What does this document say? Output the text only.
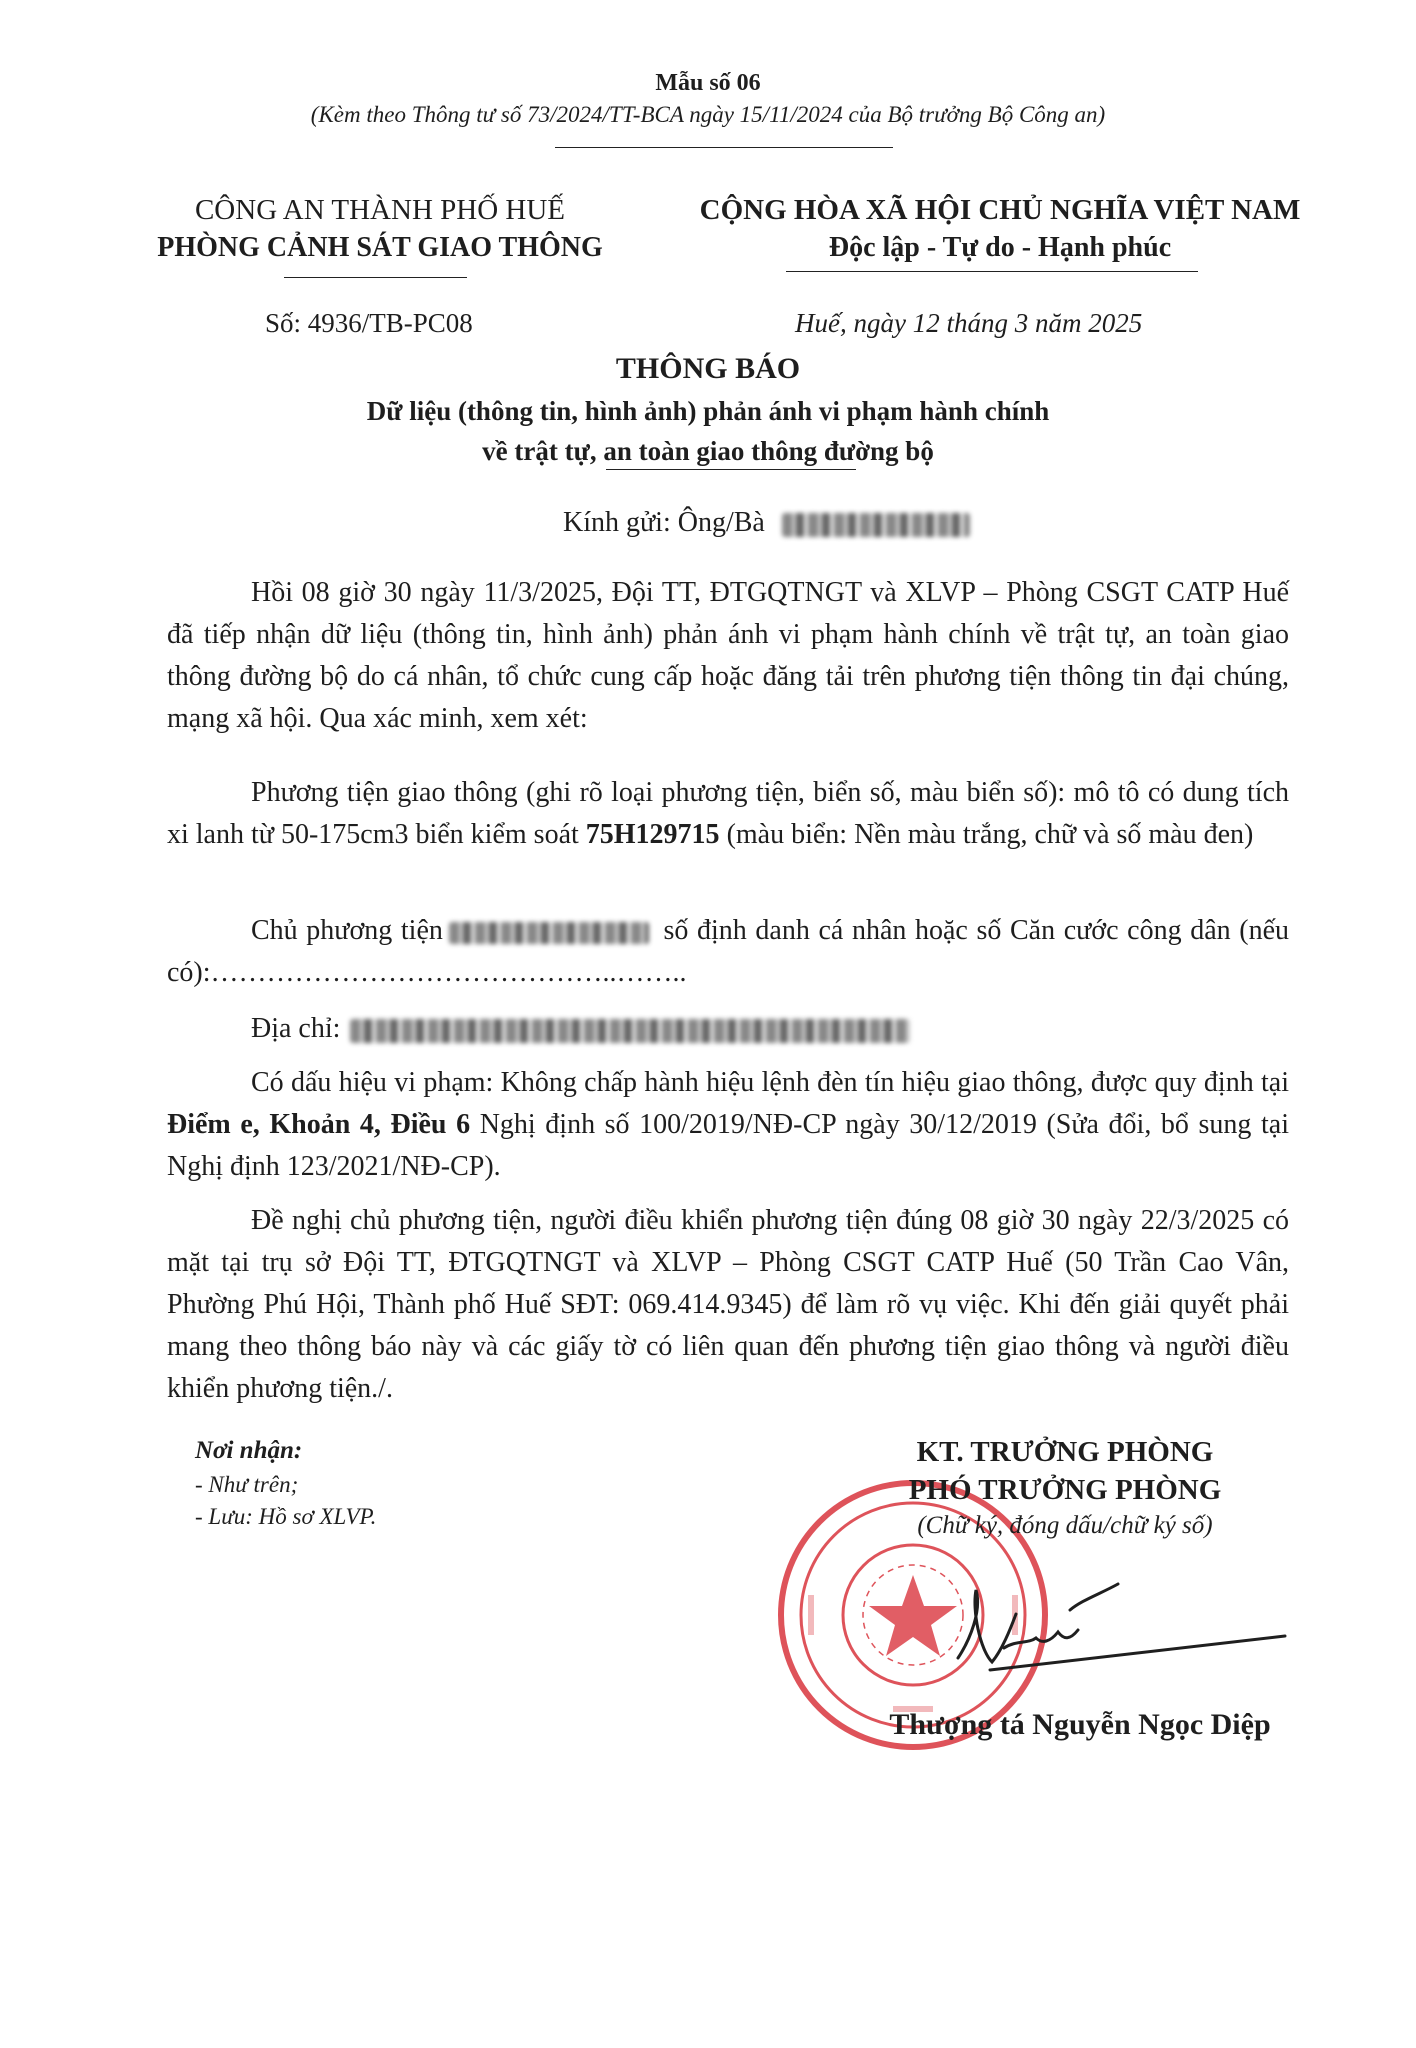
Mẫu số 06
(Kèm theo Thông tư số 73/2024/TT-BCA ngày 15/11/2024 của Bộ trưởng Bộ Công an)
CÔNG AN THÀNH PHỐ HUẾ
PHÒNG CẢNH SÁT GIAO THÔNG
CỘNG HÒA XÃ HỘI CHỦ NGHĨA VIỆT NAM
Độc lập - Tự do - Hạnh phúc
Số: 4936/TB-PC08	Huế, ngày 12 tháng 3 năm 2025
THÔNG BÁO
Dữ liệu (thông tin, hình ảnh) phản ánh vi phạm hành chính
về trật tự, an toàn giao thông đường bộ
Kính gửi: Ông/Bà

Hồi 08 giờ 30 ngày 11/3/2025, Đội TT, ĐTGQTNGT và XLVP – Phòng CSGT CATP Huế đã tiếp nhận dữ liệu (thông tin, hình ảnh) phản ánh vi phạm hành chính về trật tự, an toàn giao thông đường bộ do cá nhân, tổ chức cung cấp hoặc đăng tải trên phương tiện thông tin đại chúng, mạng xã hội. Qua xác minh, xem xét:

Phương tiện giao thông (ghi rõ loại phương tiện, biển số, màu biển số): mô tô có dung tích xi lanh từ 50-175cm3 biển kiểm soát 75H129715 (màu biển: Nền màu trắng, chữ và số màu đen)

Chủ phương tiện	số định danh cá nhân hoặc số Căn cước công dân (nếu có):……………………………………..……..

Địa chỉ:

Có dấu hiệu vi phạm: Không chấp hành hiệu lệnh đèn tín hiệu giao thông, được quy định tại Điểm e, Khoản 4, Điều 6 Nghị định số 100/2019/NĐ-CP ngày 30/12/2019 (Sửa đổi, bổ sung tại Nghị định 123/2021/NĐ-CP).

Đề nghị chủ phương tiện, người điều khiển phương tiện đúng 08 giờ 30 ngày 22/3/2025 có mặt tại trụ sở Đội TT, ĐTGQTNGT và XLVP – Phòng CSGT CATP Huế (50 Trần Cao Vân, Phường Phú Hội, Thành phố Huế SĐT: 069.414.9345) để làm rõ vụ việc. Khi đến giải quyết phải mang theo thông báo này và các giấy tờ có liên quan đến phương tiện giao thông và người điều khiển phương tiện./.

Nơi nhận:
- Như trên;
- Lưu: Hồ sơ XLVP.
KT. TRƯỞNG PHÒNG
PHÓ TRƯỞNG PHÒNG
(Chữ ký, đóng dấu/chữ ký số)
Thượng tá Nguyễn Ngọc Diệp
